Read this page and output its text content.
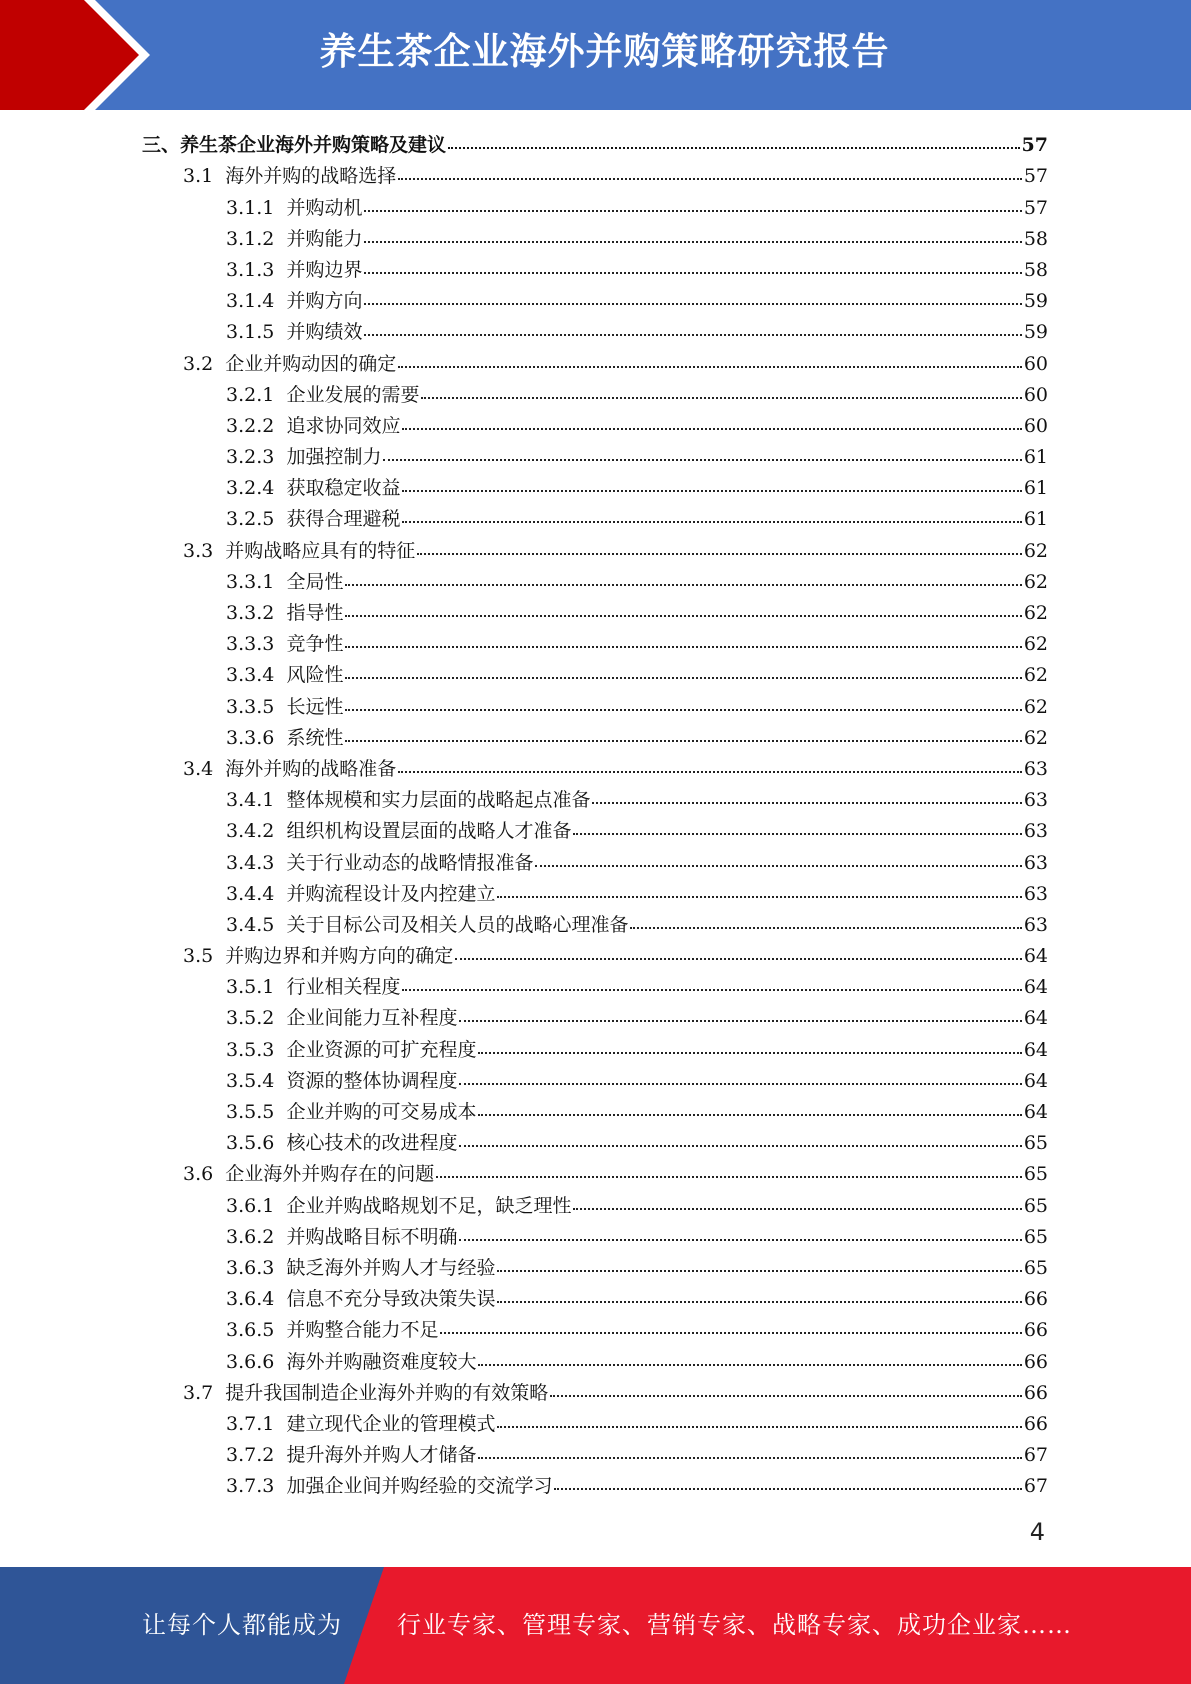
养生茶企业海外并购策略研究报告
三、 养生茶企业海外并购策略及建议	57
3.1 海外并购的战略选择	57
3.1.1 并购动机	57
3.1.2 并购能力	58
3.1.3 并购边界	58
3.1.4 并购方向	59
3.1.5 并购绩效	59
3.2 企业并购动因的确定	60
3.2.1 企业发展的需要	60
3.2.2 追求协同效应	60
3.2.3 加强控制力	61
3.2.4 获取稳定收益	61
3.2.5 获得合理避税	61
3.3 并购战略应具有的特征	62
3.3.1 全局性	62
3.3.2 指导性	62
3.3.3 竞争性	62
3.3.4 风险性	62
3.3.5 长远性	62
3.3.6 系统性	62
3.4 海外并购的战略准备	63
3.4.1 整体规模和实力层面的战略起点准备	63
3.4.2 组织机构设置层面的战略人才准备	63
3.4.3 关于行业动态的战略情报准备	63
3.4.4 并购流程设计及内控建立	63
3.4.5 关于目标公司及相关人员的战略心理准备	63
3.5 并购边界和并购方向的确定	64
3.5.1 行业相关程度	64
3.5.2 企业间能力互补程度	64
3.5.3 企业资源的可扩充程度	64
3.5.4 资源的整体协调程度	64
3.5.5 企业并购的可交易成本	64
3.5.6 核心技术的改进程度	65
3.6 企业海外并购存在的问题	65
3.6.1 企业并购战略规划不足，缺乏理性	65
3.6.2 并购战略目标不明确	65
3.6.3 缺乏海外并购人才与经验	65
3.6.4 信息不充分导致决策失误	66
3.6.5 并购整合能力不足	66
3.6.6 海外并购融资难度较大	66
3.7 提升我国制造企业海外并购的有效策略	66
3.7.1 建立现代企业的管理模式	66
3.7.2 提升海外并购人才储备	67
3.7.3 加强企业间并购经验的交流学习	67
4
让每个人都能成为 行业专家、管理专家、营销专家、战略专家、成功企业家……
